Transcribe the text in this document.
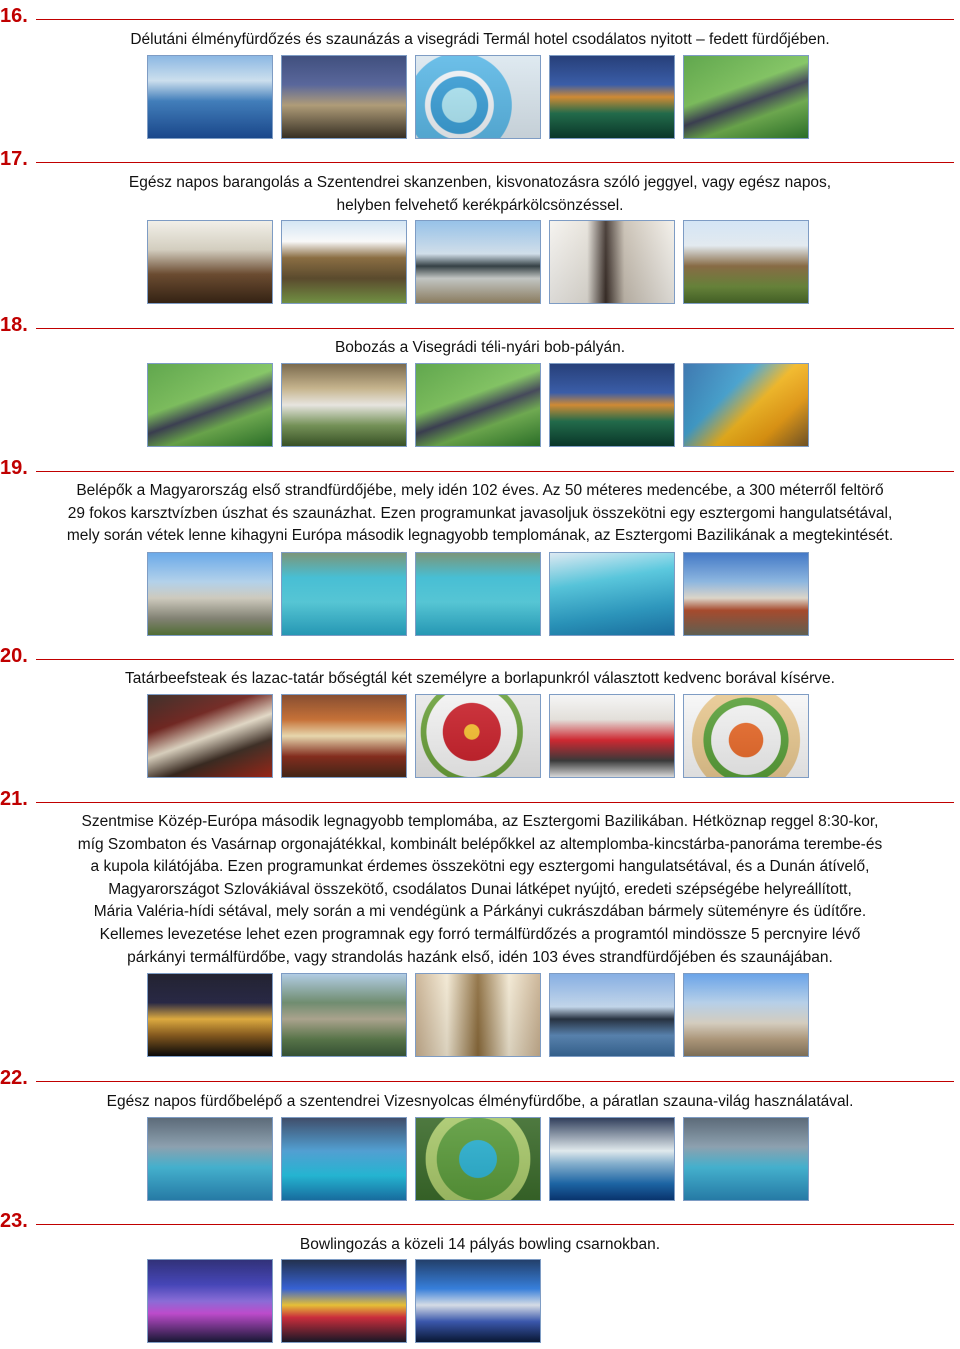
16.
Délutáni élményfürdőzés és szaunázás a visegrádi Termál hotel csodálatos nyitott – fedett fürdőjében.
17.
Egész napos barangolás a Szentendrei skanzenben, kisvonatozásra szóló jeggyel, vagy egész napos,
helyben felvehető kerékpárkölcsönzéssel.
18.
Bobozás a Visegrádi téli-nyári bob-pályán.
19.
Belépők a Magyarország első strandfürdőjébe, mely idén 102 éves. Az 50 méteres medencébe, a 300 méterről feltörő
29 fokos karsztvízben úszhat és szaunázhat. Ezen programunkat javasoljuk összekötni egy esztergomi hangulatsétával,
mely során vétek lenne kihagyni Európa második legnagyobb templomának, az Esztergomi Bazilikának a megtekintését.
20.
Tatárbeefsteak és lazac-tatár bőségtál két személyre a borlapunkról választott kedvenc borával kísérve.
21.
Szentmise Közép-Európa második legnagyobb templomába, az Esztergomi Bazilikában. Hétköznap reggel 8:30-kor,
míg Szombaton és Vasárnap orgonajátékkal, kombinált belépőkkel az altemplomba-kincstárba-panoráma terembe-és
a kupola kilátójába. Ezen programunkat érdemes összekötni egy esztergomi hangulatsétával, és a Dunán átívelő,
Magyarországot Szlovákiával összekötő, csodálatos Dunai látképet nyújtó, eredeti szépségébe helyreállított,
Mária Valéria-hídi sétával, mely során a mi vendégünk a Párkányi cukrászdában bármely süteményre és üdítőre.
Kellemes levezetése lehet ezen programnak egy forró termálfürdőzés a programtól mindössze 5 percnyire lévő
párkányi termálfürdőbe, vagy strandolás hazánk első, idén 103 éves strandfürdőjében és szaunájában.
22.
Egész napos fürdőbelépő a szentendrei Vizesnyolcas élményfürdőbe, a páratlan szauna-világ használatával.
23.
Bowlingozás a közeli 14 pályás bowling csarnokban.
